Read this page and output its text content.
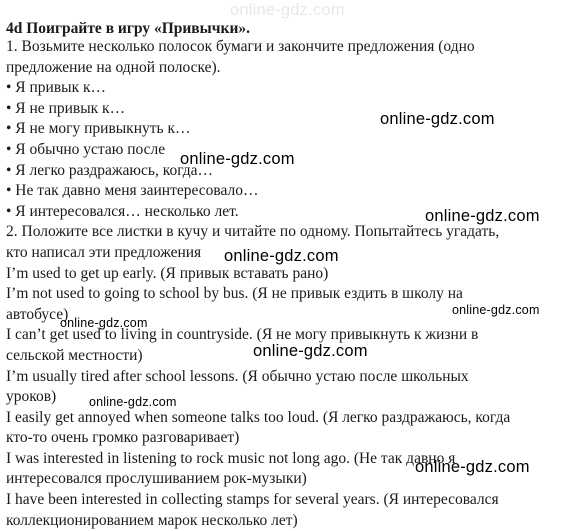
4d Поиграйте в игру «Привычки».

1. Возьмите несколько полосок бумаги и закончите предложения (одно

предложение на одной полоске).

• Я привык к…

• Я не привык к…

• Я не могу привыкнуть к…

• Я обычно устаю после

• Я легко раздражаюсь, когда…

• Не так давно меня заинтересовало…

• Я интересовался… несколько лет.

2. Положите все листки в кучу и читайте по одному. Попытайтесь угадать,

кто написал эти предложения

I’m used to get up early. (Я привык вставать рано)

I’m not used to going to school by bus. (Я не привык ездить в школу на

автобусе)

I can’t get used to living in countryside. (Я не могу привыкнуть к жизни в

сельской местности)

I’m usually tired after school lessons. (Я обычно устаю после школьных

уроков)

I easily get annoyed when someone talks too loud. (Я легко раздражаюсь, когда

кто-то очень громко разговаривает)

I was interested in listening to rock music not long ago. (Не так давно я

интересовался прослушиванием рок-музыки)

I have been interested in collecting stamps for several years. (Я интересовался

коллекционированием марок несколько лет)

online-gdz.com
online-gdz.com
online-gdz.com
online-gdz.com
online-gdz.com
online-gdz.com
online-gdz.com
online-gdz.com
online-gdz.com
online-gdz.com
